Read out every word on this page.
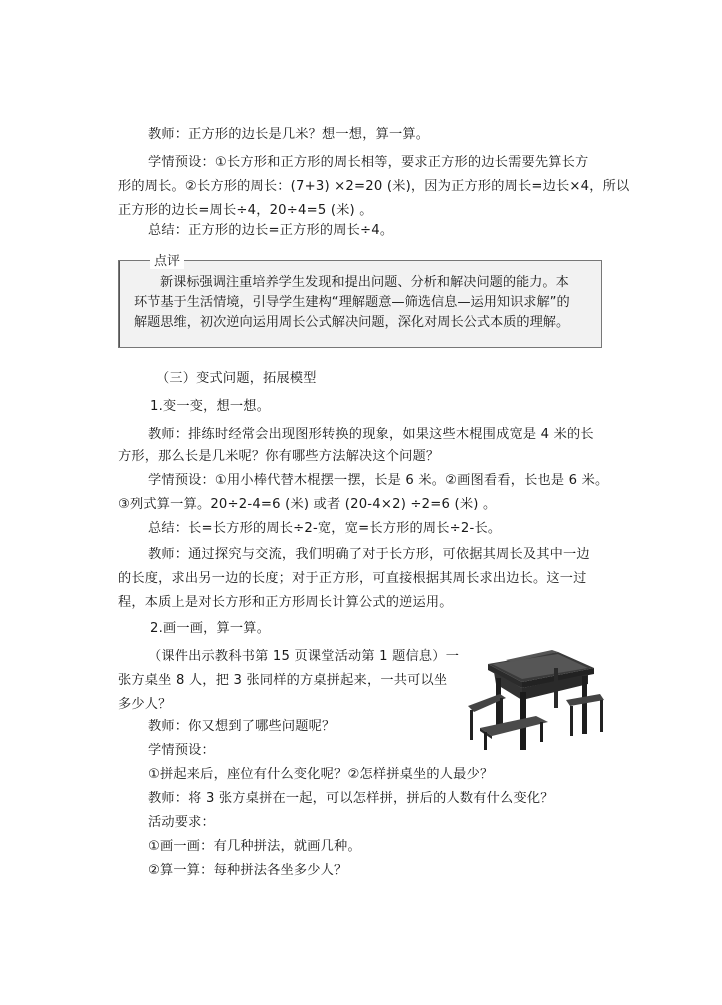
教师：正方形的边长是几米？想一想，算一算。
学情预设：①长方形和正方形的周长相等，要求正方形的边长需要先算长方
形的周长。②长方形的周长：(7+3) ×2=20 (米)，因为正方形的周长=边长×4，所以
正方形的边长=周长÷4，20÷4=5 (米) 。
总结：正方形的边长=正方形的周长÷4。
点评
新课标强调注重培养学生发现和提出问题、分析和解决问题的能力。本
环节基于生活情境，引导学生建构“理解题意—筛选信息—运用知识求解”的
解题思维，初次逆向运用周长公式解决问题，深化对周长公式本质的理解。
（三）变式问题，拓展模型
1.变一变，想一想。
教师：排练时经常会出现图形转换的现象，如果这些木棍围成宽是 4 米的长
方形，那么长是几米呢？你有哪些方法解决这个问题？
学情预设：①用小棒代替木棍摆一摆，长是 6 米。②画图看看，长也是 6 米。
③列式算一算。20÷2-4=6 (米) 或者 (20-4×2) ÷2=6 (米) 。
总结：长=长方形的周长÷2-宽，宽=长方形的周长÷2-长。
教师：通过探究与交流，我们明确了对于长方形，可依据其周长及其中一边
的长度，求出另一边的长度；对于正方形，可直接根据其周长求出边长。这一过
程，本质上是对长方形和正方形周长计算公式的逆运用。
2.画一画，算一算。
（课件出示教科书第 15 页课堂活动第 1 题信息）一
张方桌坐 8 人，把 3 张同样的方桌拼起来，一共可以坐
多少人？
教师：你又想到了哪些问题呢？
学情预设：
①拼起来后，座位有什么变化呢？②怎样拼桌坐的人最少？
教师：将 3 张方桌拼在一起，可以怎样拼，拼后的人数有什么变化？
活动要求：
①画一画：有几种拼法，就画几种。
②算一算：每种拼法各坐多少人？
